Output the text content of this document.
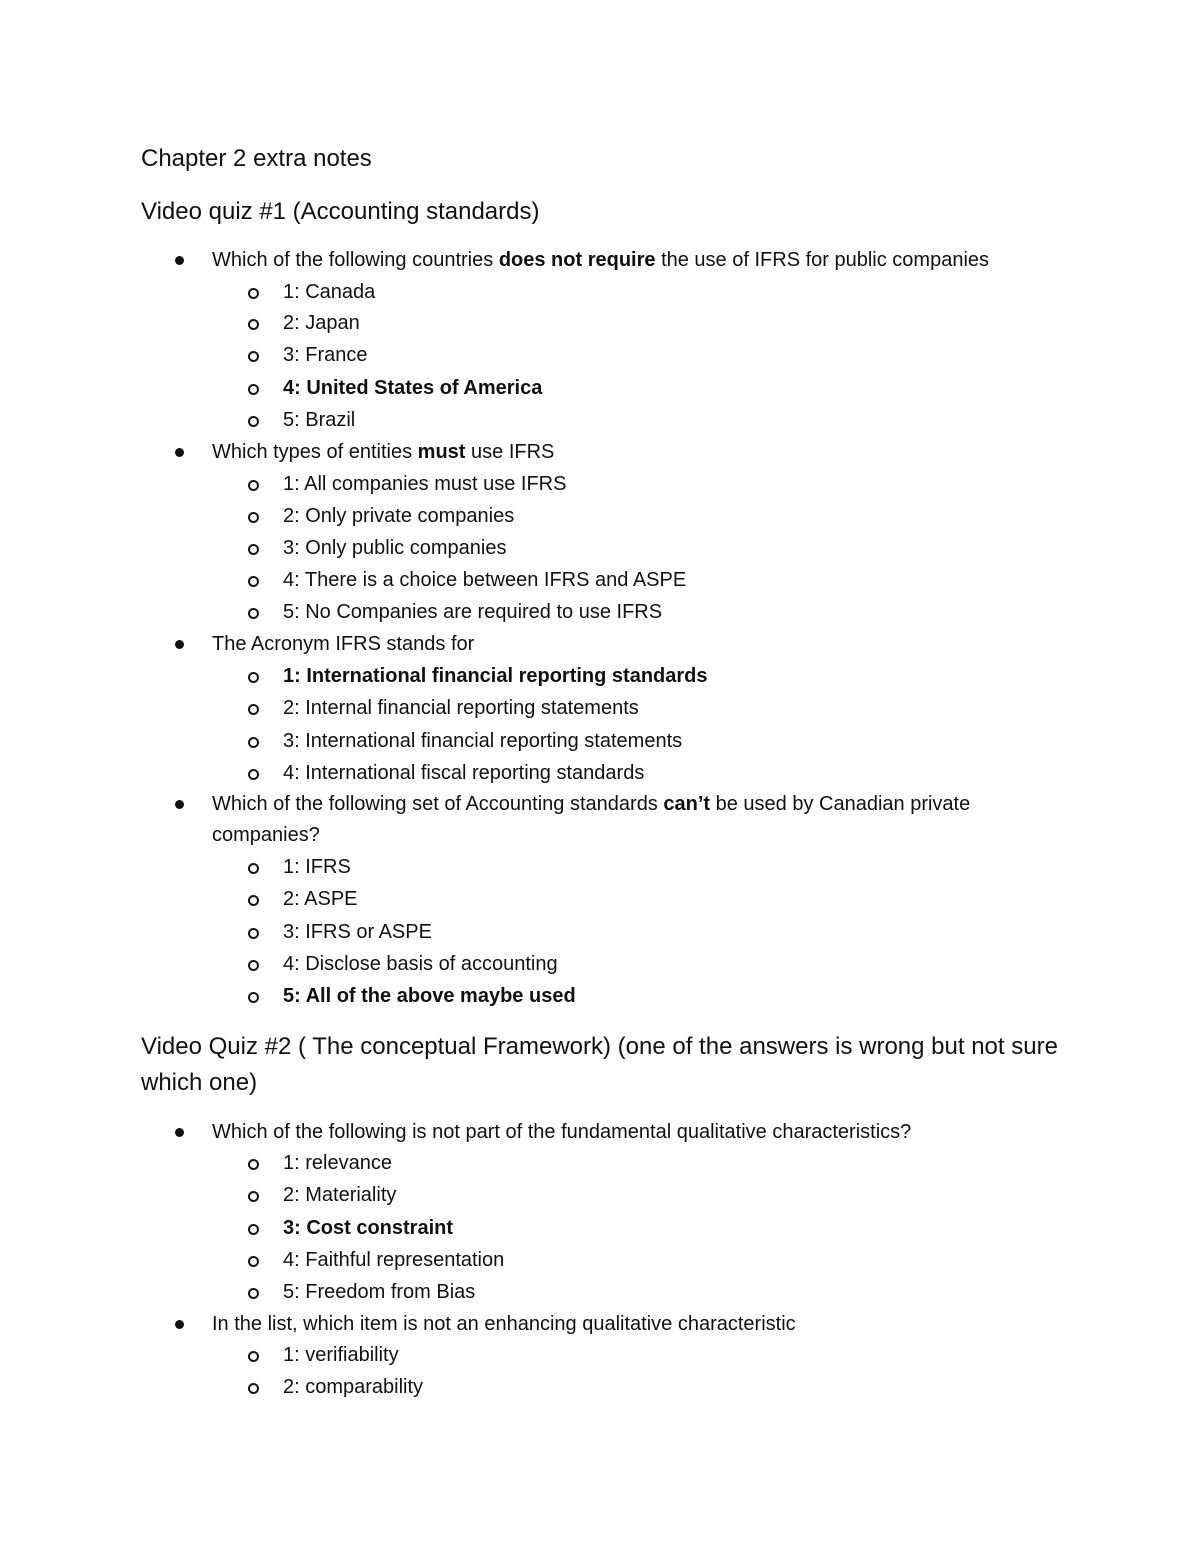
Chapter 2 extra notes
Video quiz #1 (Accounting standards)
Which of the following countries does not require the use of IFRS for public companies
1: Canada
2: Japan
3: France
4: United States of America
5: Brazil
Which types of entities must use IFRS
1: All companies must use IFRS
2: Only private companies
3: Only public companies
4: There is a choice between IFRS and ASPE
5: No Companies are required to use IFRS
The Acronym IFRS stands for
1: International financial reporting standards
2: Internal financial reporting statements
3: International financial reporting statements
4: International fiscal reporting standards
Which of the following set of Accounting standards can’t be used by Canadian private
companies?
1: IFRS
2: ASPE
3: IFRS or ASPE
4: Disclose basis of accounting
5: All of the above maybe used
Video Quiz #2 ( The conceptual Framework) (one of the answers is wrong but not sure which one)
Which of the following is not part of the fundamental qualitative characteristics?
1: relevance
2: Materiality
3: Cost constraint
4: Faithful representation
5: Freedom from Bias
In the list, which item is not an enhancing qualitative characteristic
1: verifiability
2: comparability
